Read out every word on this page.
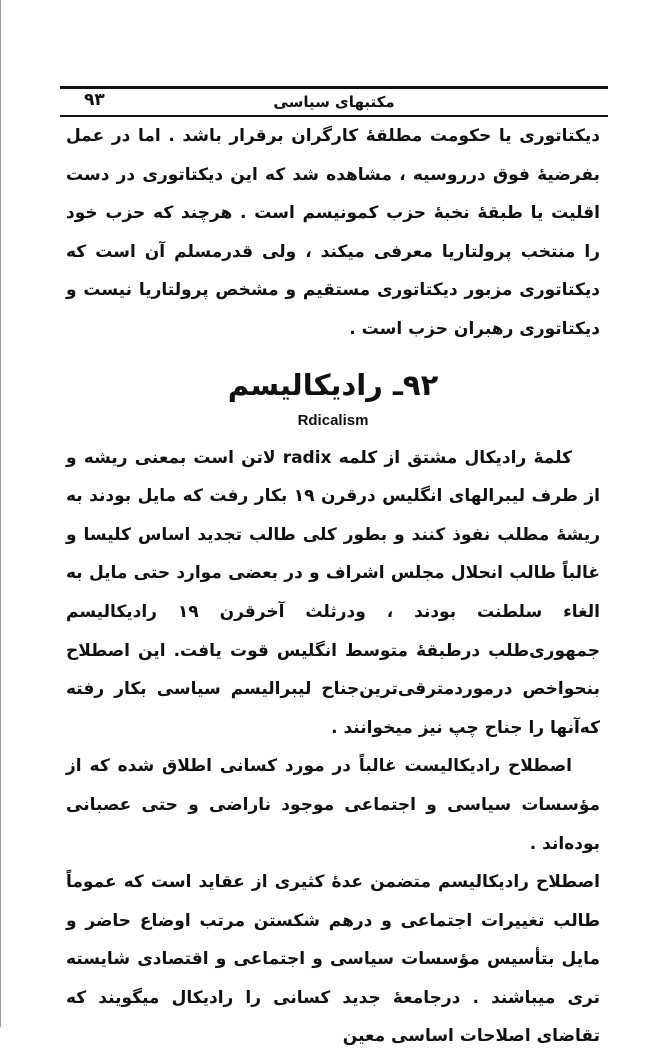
مکتبهای سیاسی
۹۳

دیکتاتوری یا حکومت مطلقهٔ کارگران برقرار باشد . اما در عمل بفرضیهٔ فوق درروسیه ، مشاهده شد که این دیکتاتوری در دست اقلیت یا طبقهٔ نخبهٔ حزب کمونیسم است . هرچند که حزب خود را منتخب پرولتاریا معرفی میکند ، ولی قدرمسلم آن است که دیکتاتوری مزبور دیکتاتوری مستقیم و مشخص پرولتاریا نیست و دیکتاتوری رهبران حزب است .

۹۲ـ رادیکالیسم
Rdicalism

کلمهٔ رادیکال مشتق از کلمه radix لاتن است بمعنی ریشه و از طرف لیبرالهای انگلیس درقرن ۱۹ بکار رفت که مایل بودند به ریشهٔ مطلب نفوذ کنند و بطور کلی طالب تجدید اساس کلیسا و غالباً طالب انحلال مجلس اشراف و در بعضی موارد حتی مایل به الغاء سلطنت بودند ، ودرثلث آخرقرن ۱۹ رادیکالیسم جمهوری‌طلب درطبقهٔ متوسط انگلیس قوت یافت. این اصطلاح بنحواخص درموردمترقی‌ترین‌جناح لیبرالیسم سیاسی بکار رفته که‌آنها را جناح چپ نیز میخوانند .

اصطلاح رادیکالیست غالباً در مورد کسانی اطلاق شده که از مؤسسات سیاسی و اجتماعی موجود ناراضی و حتی عصبانی بوده‌اند .

اصطلاح رادیکالیسم متضمن عدهٔ کثیری از عقاید است که عموماً طالب تغییرات اجتماعی و درهم شکستن مرتب اوضاع حاضر و مایل بتأسیس مؤسسات سیاسی و اجتماعی و اقتصادی شایسته تری میباشند . درجامعهٔ جدید کسانی را رادیکال میگویند که تقاضای اصلاحات اساسی معین
